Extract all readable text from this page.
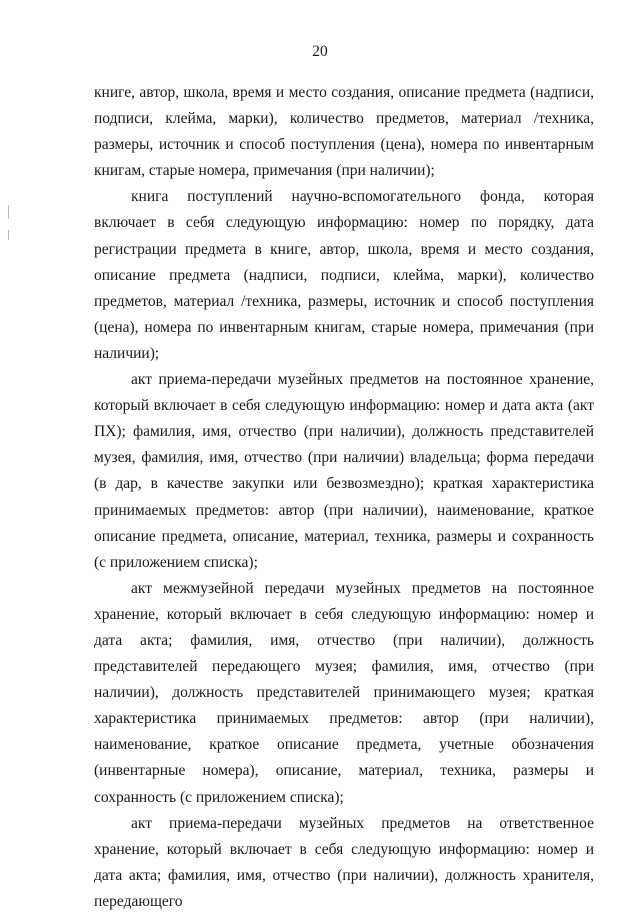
20

книге, автор, школа, время и место создания, описание предмета (надписи, подписи, клейма, марки), количество предметов, материал /техника, размеры, источник и способ поступления (цена), номера по инвентарным книгам, старые номера, примечания (при наличии);

книга поступлений научно-вспомогательного фонда, которая включает в себя следующую информацию: номер по порядку, дата регистрации предмета в книге, автор, школа, время и место создания, описание предмета (надписи, подписи, клейма, марки), количество предметов, материал /техника, размеры, источник и способ поступления (цена), номера по инвентарным книгам, старые номера, примечания (при наличии);

акт приема-передачи музейных предметов на постоянное хранение, который включает в себя следующую информацию: номер и дата акта (акт ПХ); фамилия, имя, отчество (при наличии), должность представителей музея, фамилия, имя, отчество (при наличии) владельца; форма передачи (в дар, в качестве закупки или безвозмездно); краткая характеристика принимаемых предметов: автор (при наличии), наименование, краткое описание предмета, описание, материал, техника, размеры и сохранность (с приложением списка);

акт межмузейной передачи музейных предметов на постоянное хранение, который включает в себя следующую информацию: номер и дата акта; фамилия, имя, отчество (при наличии), должность представителей передающего музея; фамилия, имя, отчество (при наличии), должность представителей принимающего музея; краткая характеристика принимаемых предметов: автор (при наличии), наименование, краткое описание предмета, учетные обозначения (инвентарные номера), описание, материал, техника, размеры и сохранность (с приложением списка);

акт приема-передачи музейных предметов на ответственное хранение, который включает в себя следующую информацию: номер и дата акта; фамилия, имя, отчество (при наличии), должность хранителя, передающего
